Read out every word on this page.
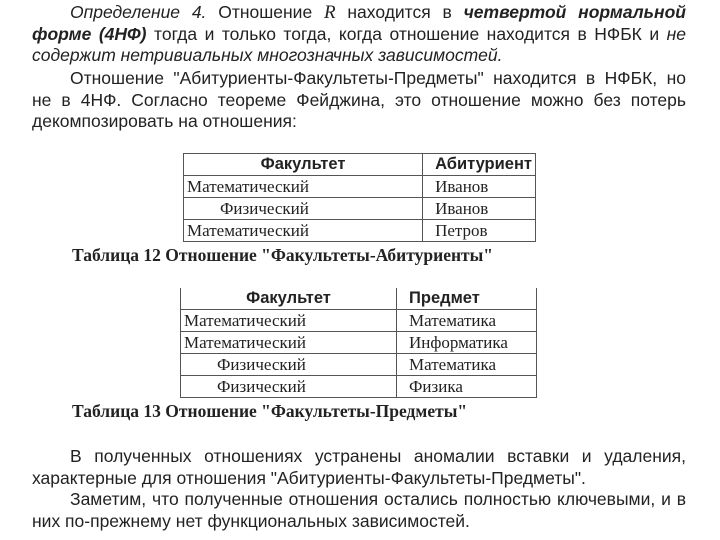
Определение 4. Отношение R находится в четвертой нормальной форме (4НФ) тогда и только тогда, когда отношение находится в НФБК и не содержит нетривиальных многозначных зависимостей.
Отношение "Абитуриенты-Факультеты-Предметы" находится в НФБК, но не в 4НФ. Согласно теореме Фейджина, это отношение можно без потерь декомпозировать на отношения:
Факультет	Абитуриент
Математический	Иванов
Физический	Иванов
Математический	Петров
Таблица 12 Отношение "Факультеты-Абитуриенты"
Факультет	Предмет
Математический	Математика
Математический	Информатика
Физический	Математика
Физический	Физика
Таблица 13 Отношение "Факультеты-Предметы"
В полученных отношениях устранены аномалии вставки и удаления, характерные для отношения "Абитуриенты-Факультеты-Предметы".
Заметим, что полученные отношения остались полностью ключевыми, и в них по-прежнему нет функциональных зависимостей.
